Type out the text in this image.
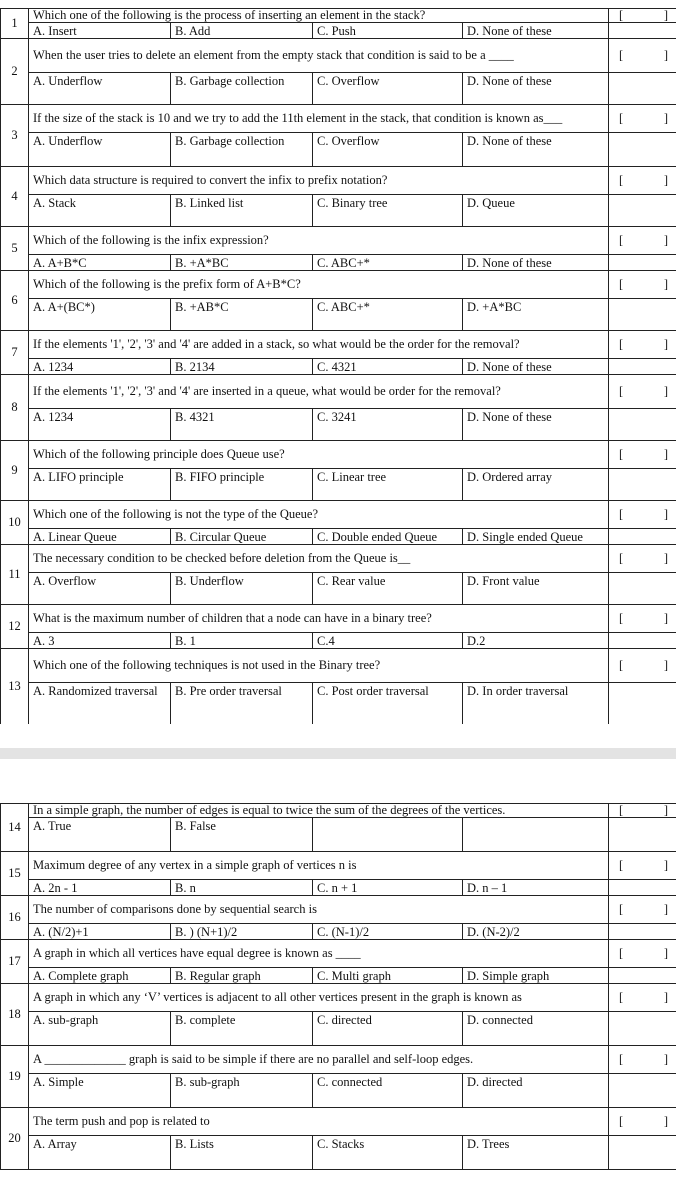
1	Which one of the following is the process of inserting an element in the stack?				[ ]

	A. Insert	B. Add	C. Push	D. None of these	
2	When the user tries to delete an element from the empty stack that condition is said to be a ____				[ ]

	A. Underflow	B. Garbage collection	C. Overflow	D. None of these	
3	If the size of the stack is 10 and we try to add the 11th element in the stack, that condition is known as___				[ ]

	A. Underflow	B. Garbage collection	C. Overflow	D. None of these	
4	Which data structure is required to convert the infix to prefix notation?				[ ]

	A. Stack	B. Linked list	C. Binary tree	D. Queue	
5	Which of the following is the infix expression?				[ ]

	A. A+B*C	B. +A*BC	C. ABC+*	D. None of these	
6	Which of the following is the prefix form of A+B*C?				[ ]

	A. A+(BC*)	B. +AB*C	C. ABC+*	D. +A*BC	
7	If the elements '1', '2', '3' and '4' are added in a stack, so what would be the order for the removal?				[ ]

	A. 1234	B. 2134	C. 4321	D. None of these	
8	If the elements '1', '2', '3' and '4' are inserted in a queue, what would be order for the removal?				[ ]

	A. 1234	B. 4321	C. 3241	D. None of these	
9	Which of the following principle does Queue use?				[ ]

	A. LIFO principle	B. FIFO principle	C. Linear tree	D. Ordered array	
10	Which one of the following is not the type of the Queue?				[ ]

	A. Linear Queue	B. Circular Queue	C. Double ended Queue	D. Single ended Queue	
11	The necessary condition to be checked before deletion from the Queue is__				[ ]

	A. Overflow	B. Underflow	C. Rear value	D. Front value	
12	What is the maximum number of children that a node can have in a binary tree?				[ ]

	A. 3	B. 1	C.4	D.2	
13	Which one of the following techniques is not used in the Binary tree?				[ ]

	A. Randomized traversal	B. Pre order traversal	C. Post order traversal	D. In order traversal	
14	In a simple graph, the number of edges is equal to twice the sum of the degrees of the vertices.				[ ]

	A. True	B. False			
15	Maximum degree of any vertex in a simple graph of vertices n is				[ ]

	A. 2n - 1	B. n	C. n + 1	D. n – 1	
16	The number of comparisons done by sequential search is				[ ]

	A. (N/2)+1	B. ) (N+1)/2	C. (N-1)/2	D. (N-2)/2	
17	A graph in which all vertices have equal degree is known as ____				[ ]

	A. Complete graph	B. Regular graph	C. Multi graph	D. Simple graph	
18	A graph in which any ‘V’ vertices is adjacent to all other vertices present in the graph is known as				[ ]

	A. sub-graph	B. complete	C. directed	D. connected	
19	A _____________ graph is said to be simple if there are no parallel and self-loop edges.				[ ]

	A. Simple	B. sub-graph	C. connected	D. directed	
20	The term push and pop is related to				[ ]

	A. Array	B. Lists	C. Stacks	D. Trees	
